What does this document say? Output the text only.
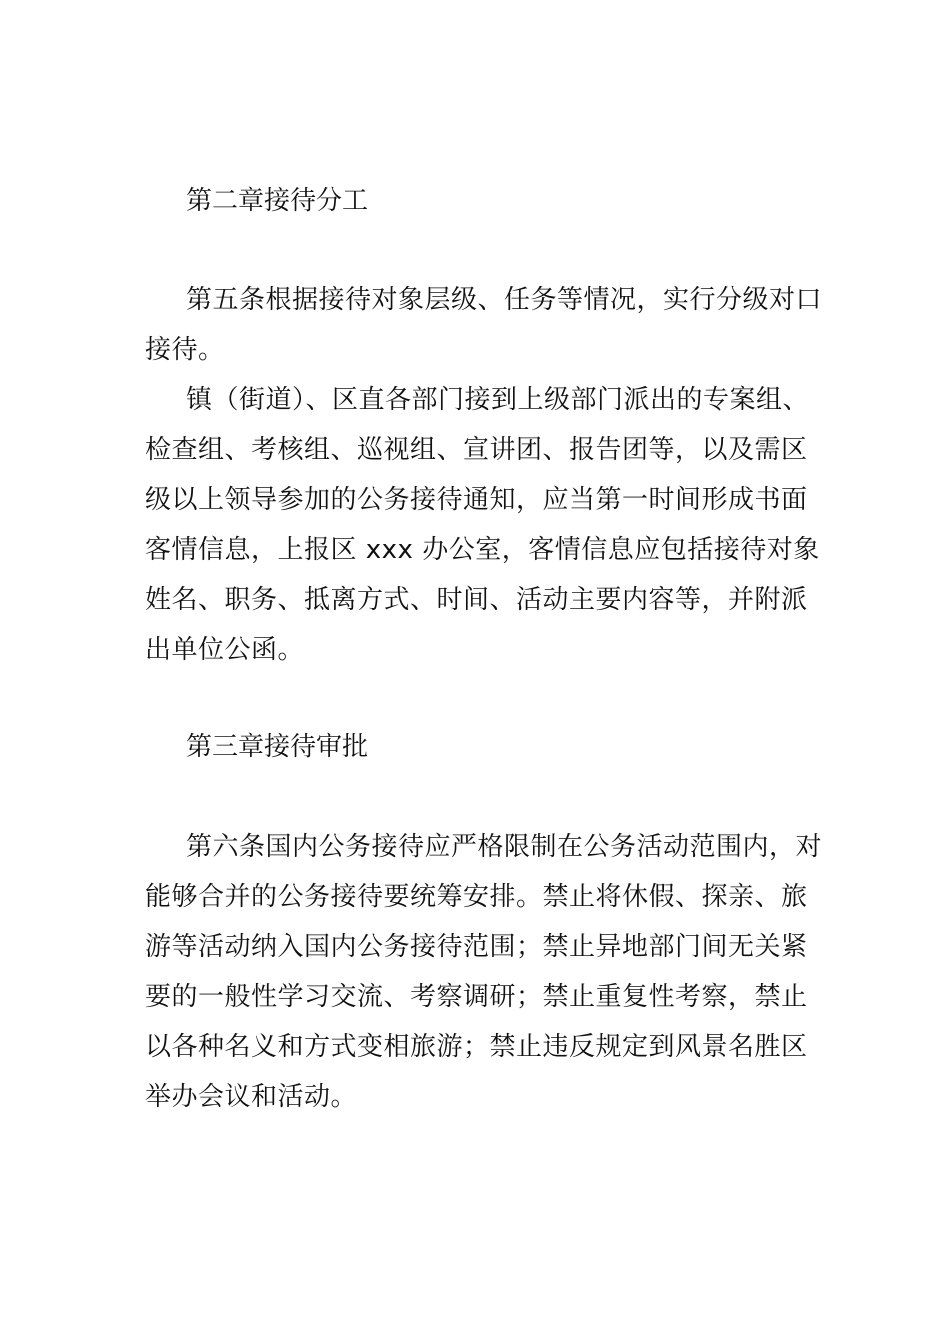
第二章接待分工
第五条根据接待对象层级、任务等情况，实行分级对口
接待。
镇（街道）、区直各部门接到上级部门派出的专案组、
检查组、考核组、巡视组、宣讲团、报告团等，以及需区
级以上领导参加的公务接待通知，应当第一时间形成书面
客情信息，上报区 xxx 办公室，客情信息应包括接待对象
姓名、职务、抵离方式、时间、活动主要内容等，并附派
出单位公函。
第三章接待审批
第六条国内公务接待应严格限制在公务活动范围内，对
能够合并的公务接待要统筹安排。禁止将休假、探亲、旅
游等活动纳入国内公务接待范围；禁止异地部门间无关紧
要的一般性学习交流、考察调研；禁止重复性考察，禁止
以各种名义和方式变相旅游；禁止违反规定到风景名胜区
举办会议和活动。
